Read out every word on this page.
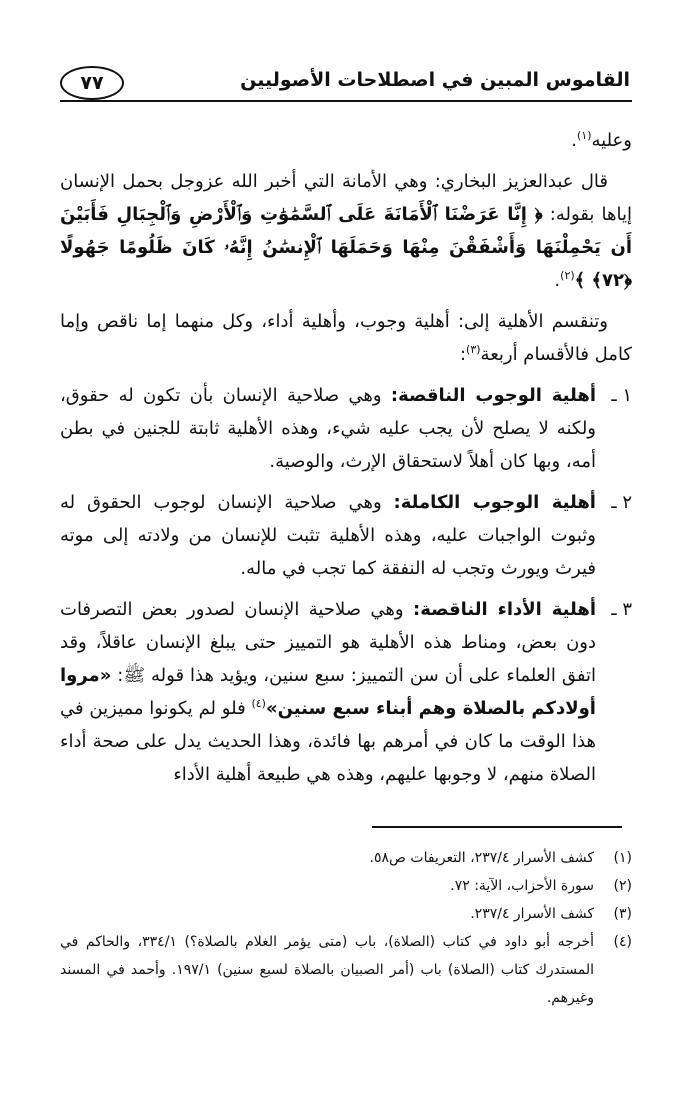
القاموس المبين في اصطلاحات الأصوليين
٧٧

وعليه$^{(١)}$.

قال عبدالعزيز البخاري: وهي الأمانة التي أخبر الله عزوجل بحمل الإنسان إياها بقوله: ﴿ إِنَّا عَرَضْنَا ٱلْأَمَانَةَ عَلَى ٱلسَّمَٰوَٰتِ وَٱلْأَرْضِ وَٱلْجِبَالِ فَأَبَيْنَ أَن يَحْمِلْنَهَا وَأَشْفَقْنَ مِنْهَا وَحَمَلَهَا ٱلْإِنسَٰنُ إِنَّهُۥ كَانَ ظَلُومًا جَهُولًا ﴿٧٢﴾ ﴾$^{(٢)}$.

وتنقسم الأهلية إلى: أهلية وجوب، وأهلية أداء، وكل منهما إما ناقص وإما كامل فالأقسام أربعة$^{(٣)}$:

١ ـ
أهلية الوجوب الناقصة: وهي صلاحية الإنسان بأن تكون له حقوق، ولكنه لا يصلح لأن يجب عليه شيء، وهذه الأهلية ثابتة للجنين في بطن أمه، وبها كان أهلاً لاستحقاق الإرث، والوصية.

٢ ـ
أهلية الوجوب الكاملة: وهي صلاحية الإنسان لوجوب الحقوق له وثبوت الواجبات عليه، وهذه الأهلية تثبت للإنسان من ولادته إلى موته فيرث ويورث وتجب له النفقة كما تجب في ماله.

٣ ـ
أهلية الأداء الناقصة: وهي صلاحية الإنسان لصدور بعض التصرفات دون بعض، ومناط هذه الأهلية هو التمييز حتى يبلغ الإنسان عاقلاً، وقد اتفق العلماء على أن سن التمييز: سبع سنين، ويؤيد هذا قوله ﷺ: «مروا أولادكم بالصلاة وهم أبناء سبع سنين»$^{(٤)}$ فلو لم يكونوا مميزين في هذا الوقت ما كان في أمرهم بها فائدة، وهذا الحديث يدل على صحة أداء الصلاة منهم، لا وجوبها عليهم، وهذه هي طبيعة أهلية الأداء

(١)
كشف الأسرار ٢٣٧/٤، التعريفات ص٥٨.
(٢)
سورة الأحزاب، الآية: ٧٢.
(٣)
كشف الأسرار ٢٣٧/٤.
(٤)
أخرجه أبو داود في كتاب (الصلاة)، باب (متى يؤمر الغلام بالصلاة؟) ٣٣٤/١، والحاكم في المستدرك كتاب (الصلاة) باب (أمر الصبيان بالصلاة لسبع سنين) ١٩٧/١. وأحمد في المسند وغيرهم.
